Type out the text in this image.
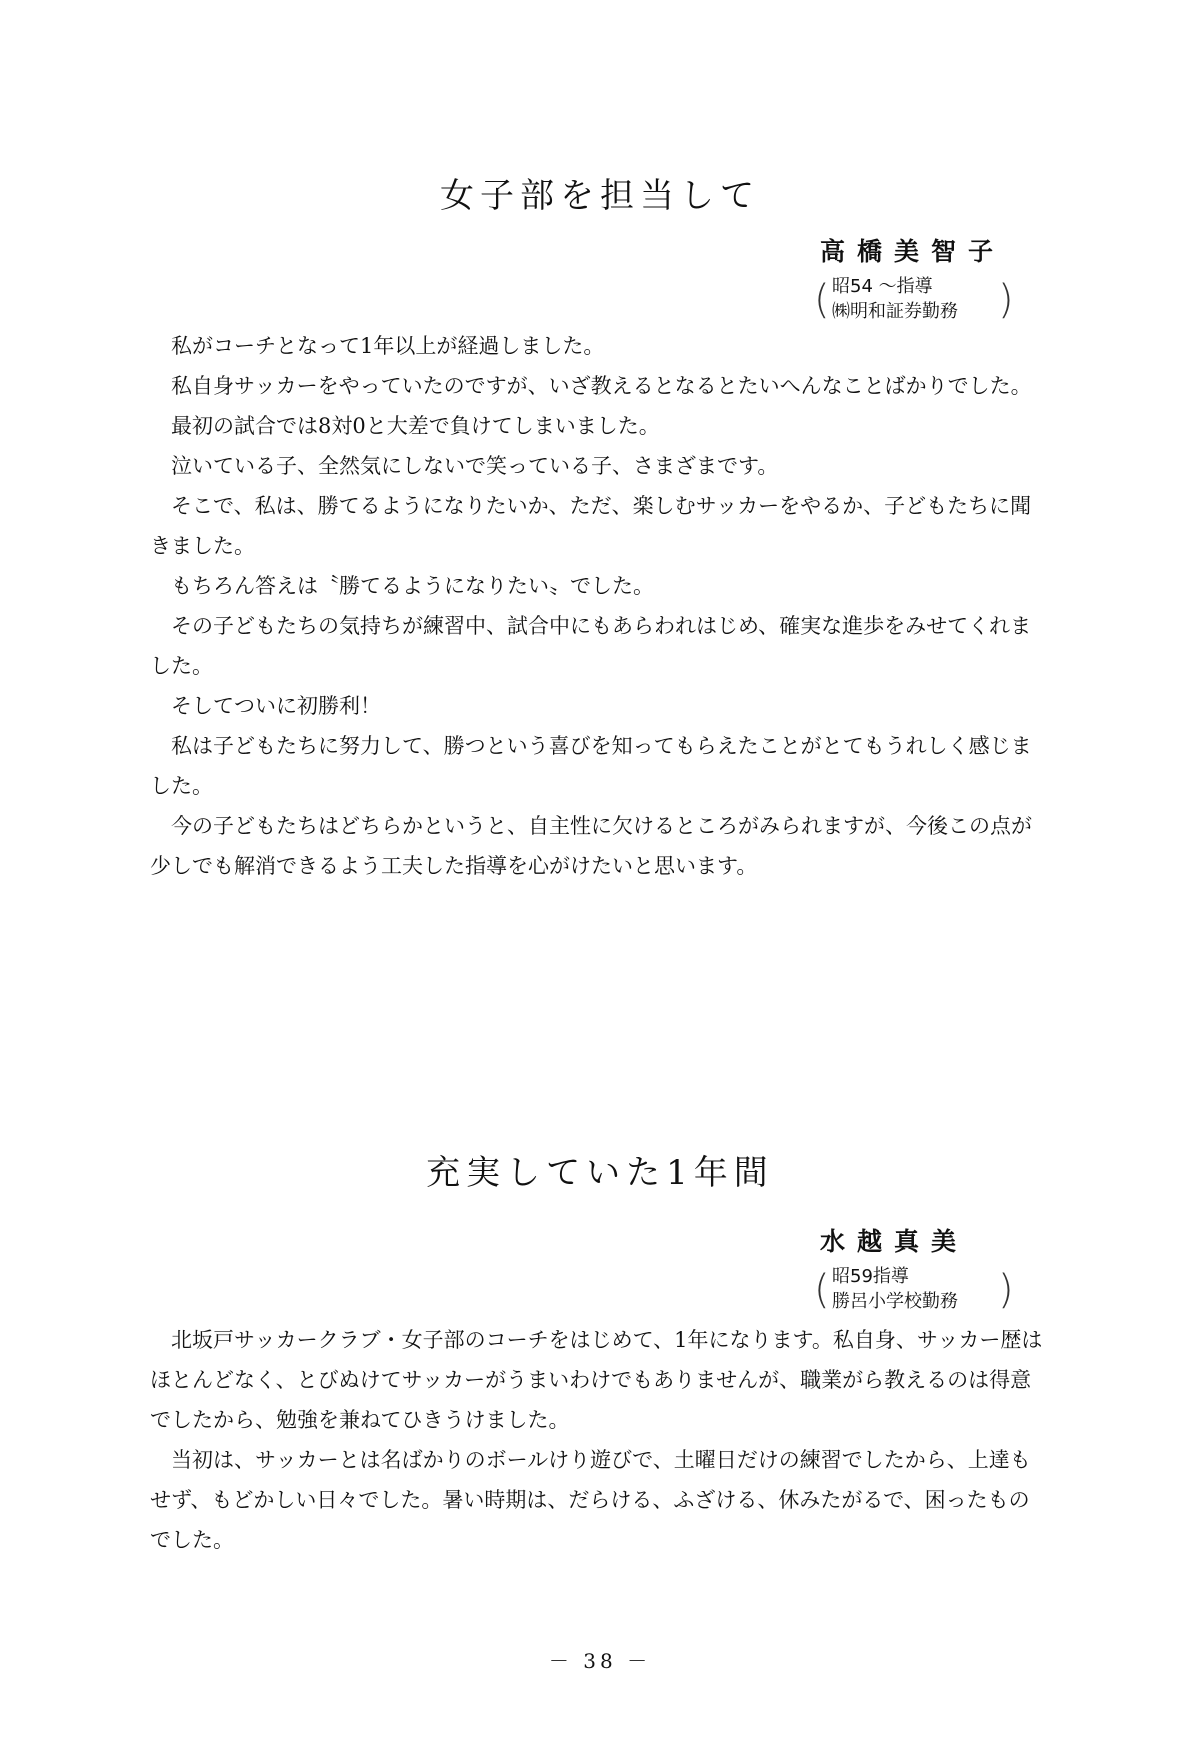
女子部を担当して
高橋美智子
( 昭54 ～指導
㈱明和証券勤務	)

私がコーチとなって1年以上が経過しました。

私自身サッカーをやっていたのですが、いざ教えるとなるとたいへんなことばかりでした。

最初の試合では8対0と大差で負けてしまいました。

泣いている子、全然気にしないで笑っている子、さまざまです。

そこで、私は、勝てるようになりたいか、ただ、楽しむサッカーをやるか、子どもたちに聞きました。

もちろん答えは〝勝てるようになりたい〟でした。

その子どもたちの気持ちが練習中、試合中にもあらわれはじめ、確実な進歩をみせてくれました。

そしてついに初勝利！

私は子どもたちに努力して、勝つという喜びを知ってもらえたことがとてもうれしく感じました。

今の子どもたちはどちらかというと、自主性に欠けるところがみられますが、今後この点が少しでも解消できるよう工夫した指導を心がけたいと思います。

充実していた1年間
水越真美
( 昭59指導
勝呂小学校勤務	)

北坂戸サッカークラブ・女子部のコーチをはじめて、1年になります。私自身、サッカー歴はほとんどなく、とびぬけてサッカーがうまいわけでもありませんが、職業がら教えるのは得意でしたから、勉強を兼ねてひきうけました。

当初は、サッカーとは名ばかりのボールけり遊びで、土曜日だけの練習でしたから、上達もせず、もどかしい日々でした。暑い時期は、だらける、ふざける、休みたがるで、困ったものでした。

－ 38 －
